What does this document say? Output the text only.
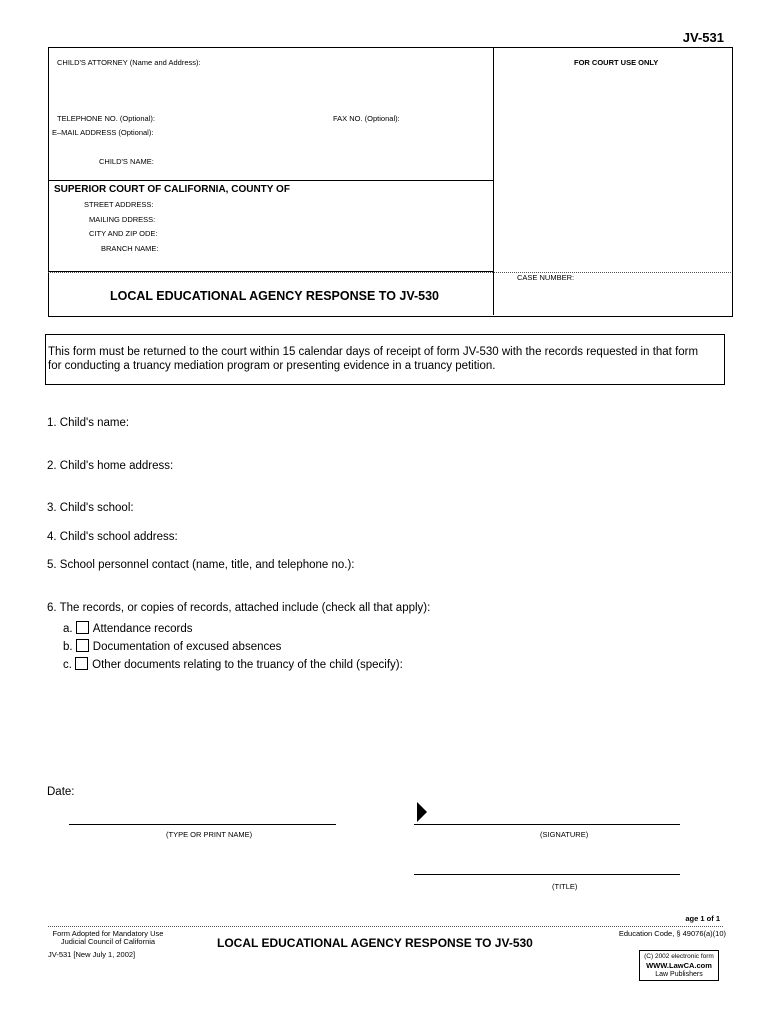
JV-531
CHILD'S ATTORNEY (Name and Address):	FOR COURT USE ONLY
TELEPHONE NO. (Optional):	FAX NO. (Optional):
E–MAIL ADDRESS (Optional):
CHILD'S NAME:
SUPERIOR COURT OF CALIFORNIA, COUNTY OF
STREET ADDRESS:
MAILING DDRESS:
CITY AND ZIP ODE:
BRANCH NAME:
CASE NUMBER:
LOCAL EDUCATIONAL AGENCY RESPONSE TO JV-530
This form must be returned to the court within 15 calendar days of receipt of form JV-530 with the records requested in that form
for conducting a truancy mediation program or presenting evidence in a truancy petition.
1. Child's name:
2. Child's home address:
3. Child's school:
4. Child's school address:
5. School personnel contact (name, title, and telephone no.):
6. The records, or copies of records, attached include (check all that apply):
a. Attendance records
b. Documentation of excused absences
c. Other documents relating to the truancy of the child (specify):
Date:
(TYPE OR PRINT NAME)	(SIGNATURE)
(TITLE)
age 1 of 1
Form Adopted for Mandatory Use
Judicial Council of California
JV-531 [New July 1, 2002]
LOCAL EDUCATIONAL AGENCY RESPONSE TO JV-530
Education Code, § 49076(a)(10)
(C) 2002 electronic form
WWW.LawCA.com
Law Publishers
